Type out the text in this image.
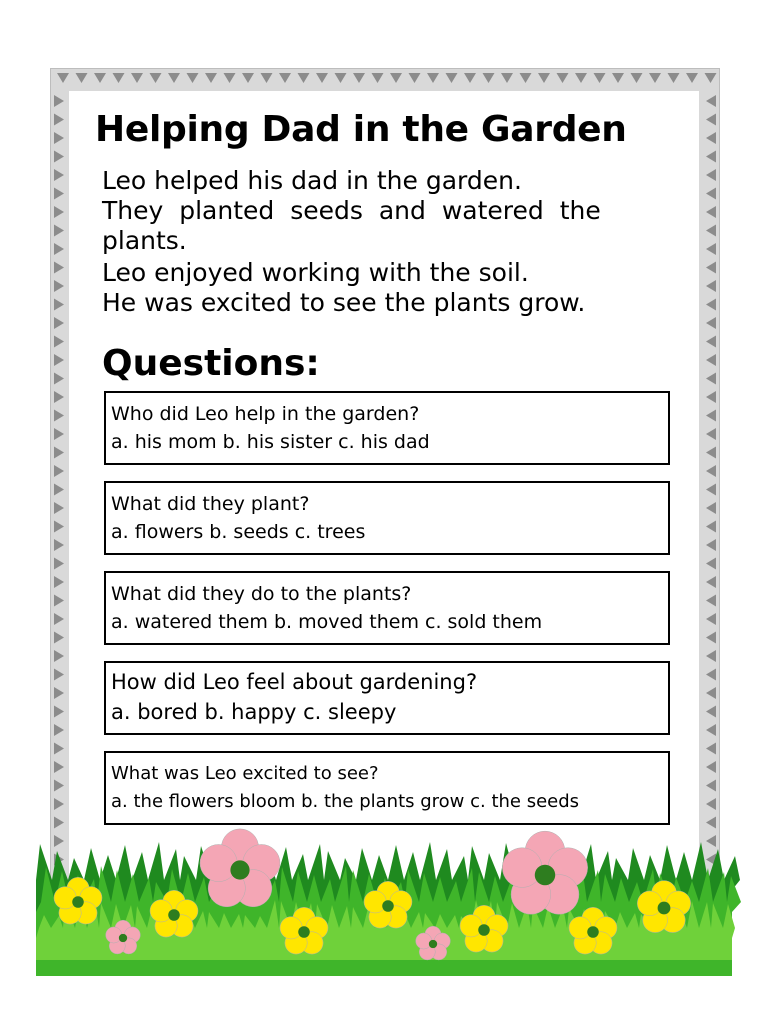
Helping Dad in the Garden
Leo helped his dad in the garden.
They planted seeds and watered the
plants.
Leo enjoyed working with the soil.
He was excited to see the plants grow.
Questions:
Who did Leo help in the garden?
a. his mom b. his sister c. his dad
What did they plant?
a. flowers b. seeds c. trees
What did they do to the plants?
a. watered them b. moved them c. sold them
How did Leo feel about gardening?
a. bored b. happy c. sleepy
What was Leo excited to see?
a. the flowers bloom b. the plants grow c. the seeds
